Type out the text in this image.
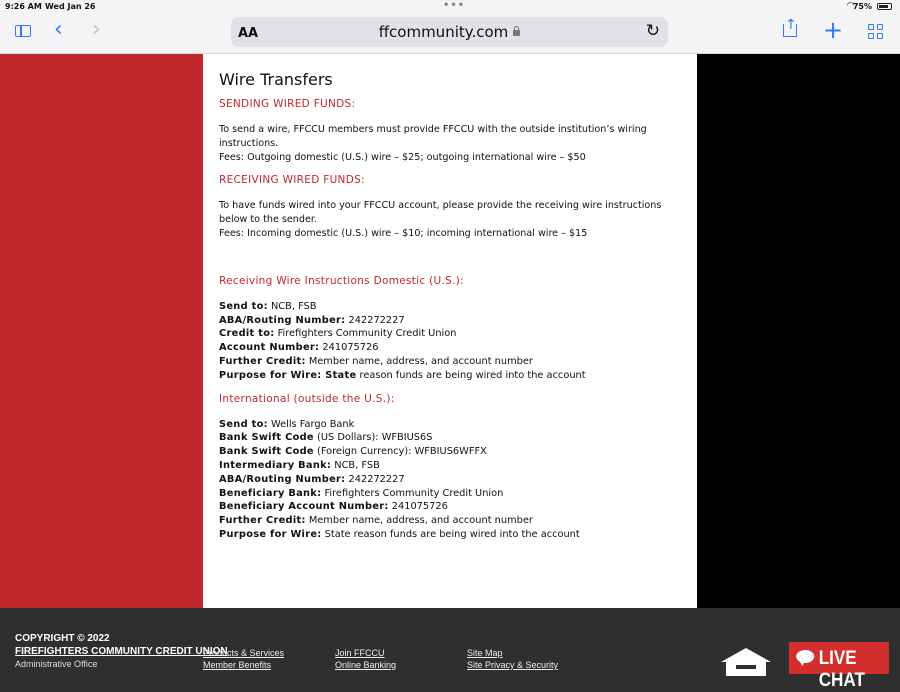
9:26 AM Wed Jan 26	•••	◠
75%
‹ ›	AA	ffcommunity.com	↻	↑ +
Wire Transfers
SENDING WIRED FUNDS:
To send a wire, FFCCU members must provide FFCCU with the outside institution’s wiring instructions.
Fees: Outgoing domestic (U.S.) wire – $25; outgoing international wire – $50
RECEIVING WIRED FUNDS:
To have funds wired into your FFCCU account, please provide the receiving wire instructions below to the sender.
Fees: Incoming domestic (U.S.) wire – $10; incoming international wire – $15
Receiving Wire Instructions Domestic (U.S.):
Send to: NCB, FSB
ABA/Routing Number: 242272227
Credit to: Firefighters Community Credit Union
Account Number: 241075726
Further Credit: Member name, address, and account number
Purpose for Wire: State reason funds are being wired into the account
International (outside the U.S.):
Send to: Wells Fargo Bank
Bank Swift Code (US Dollars): WFBIUS6S
Bank Swift Code (Foreign Currency): WFBIUS6WFFX
Intermediary Bank: NCB, FSB
ABA/Routing Number: 242272227
Beneficiary Bank: Firefighters Community Credit Union
Beneficiary Account Number: 241075726
Further Credit: Member name, address, and account number
Purpose for Wire: State reason funds are being wired into the account
COPYRIGHT © 2022
FIREFIGHTERS COMMUNITY CREDIT UNION
Administrative Office
Products & Services
Member Benefits
Join FFCCU
Online Banking
Site Map
Site Privacy & Security	LIVE CHAT
